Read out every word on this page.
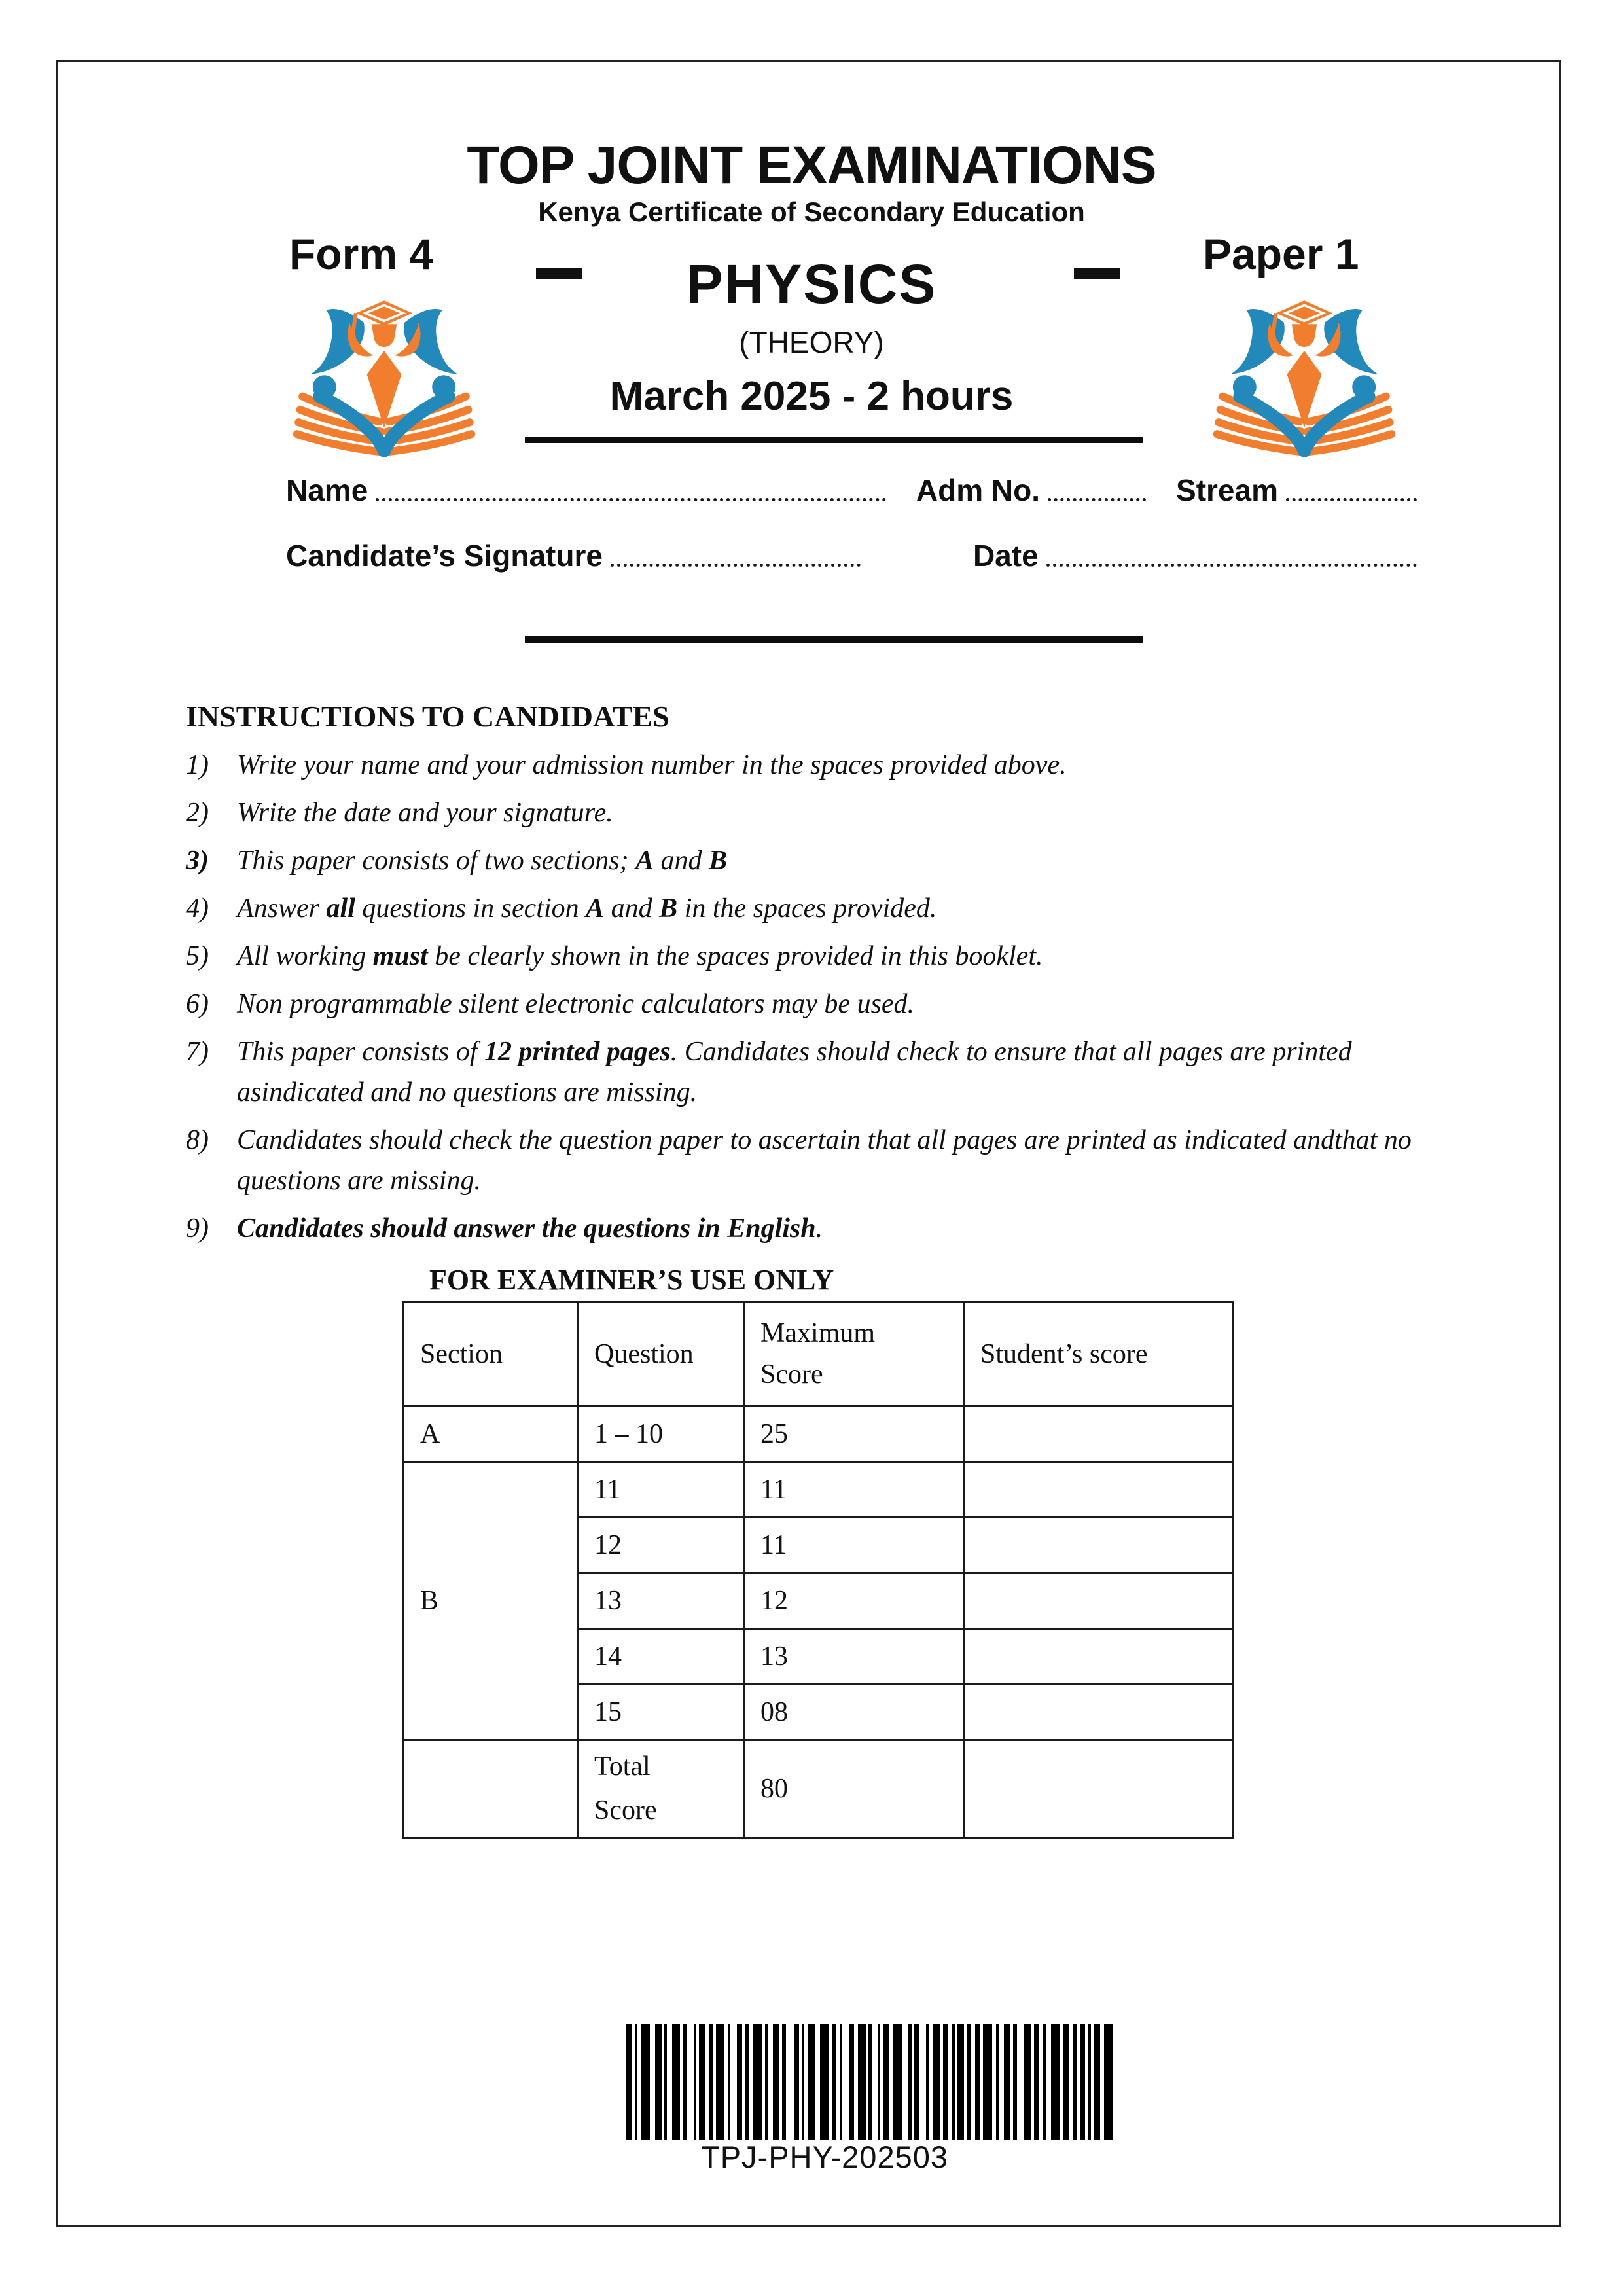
TOP JOINT EXAMINATIONS
Kenya Certificate of Secondary Education
Form 4	PHYSICS	Paper 1
(THEORY)
March 2025 - 2 hours
Name	Adm No.	Stream
Candidate’s Signature	Date
INSTRUCTIONS TO CANDIDATES
1)	Write your name and your admission number in the spaces provided above.
2)	Write the date and your signature.
3)	This paper consists of two sections; A and B
4)	Answer all questions in section A and B in the spaces provided.
5)	All working must be clearly shown in the spaces provided in this booklet.
6)	Non programmable silent electronic calculators may be used.
7)	This paper consists of 12 printed pages. Candidates should check to ensure that all pages are printed asindicated and no questions are missing.
8)	Candidates should check the question paper to ascertain that all pages are printed as indicated andthat no questions are missing.
9)	Candidates should answer the questions in English.
FOR EXAMINER’S USE ONLY
Section	Question	Maximum Score	Student’s score
A	1 – 10	25	
B	11	11	
	12	11	
	13	12	
	14	13	
	15	08	
	Total Score	80	
TPJ-PHY-202503
